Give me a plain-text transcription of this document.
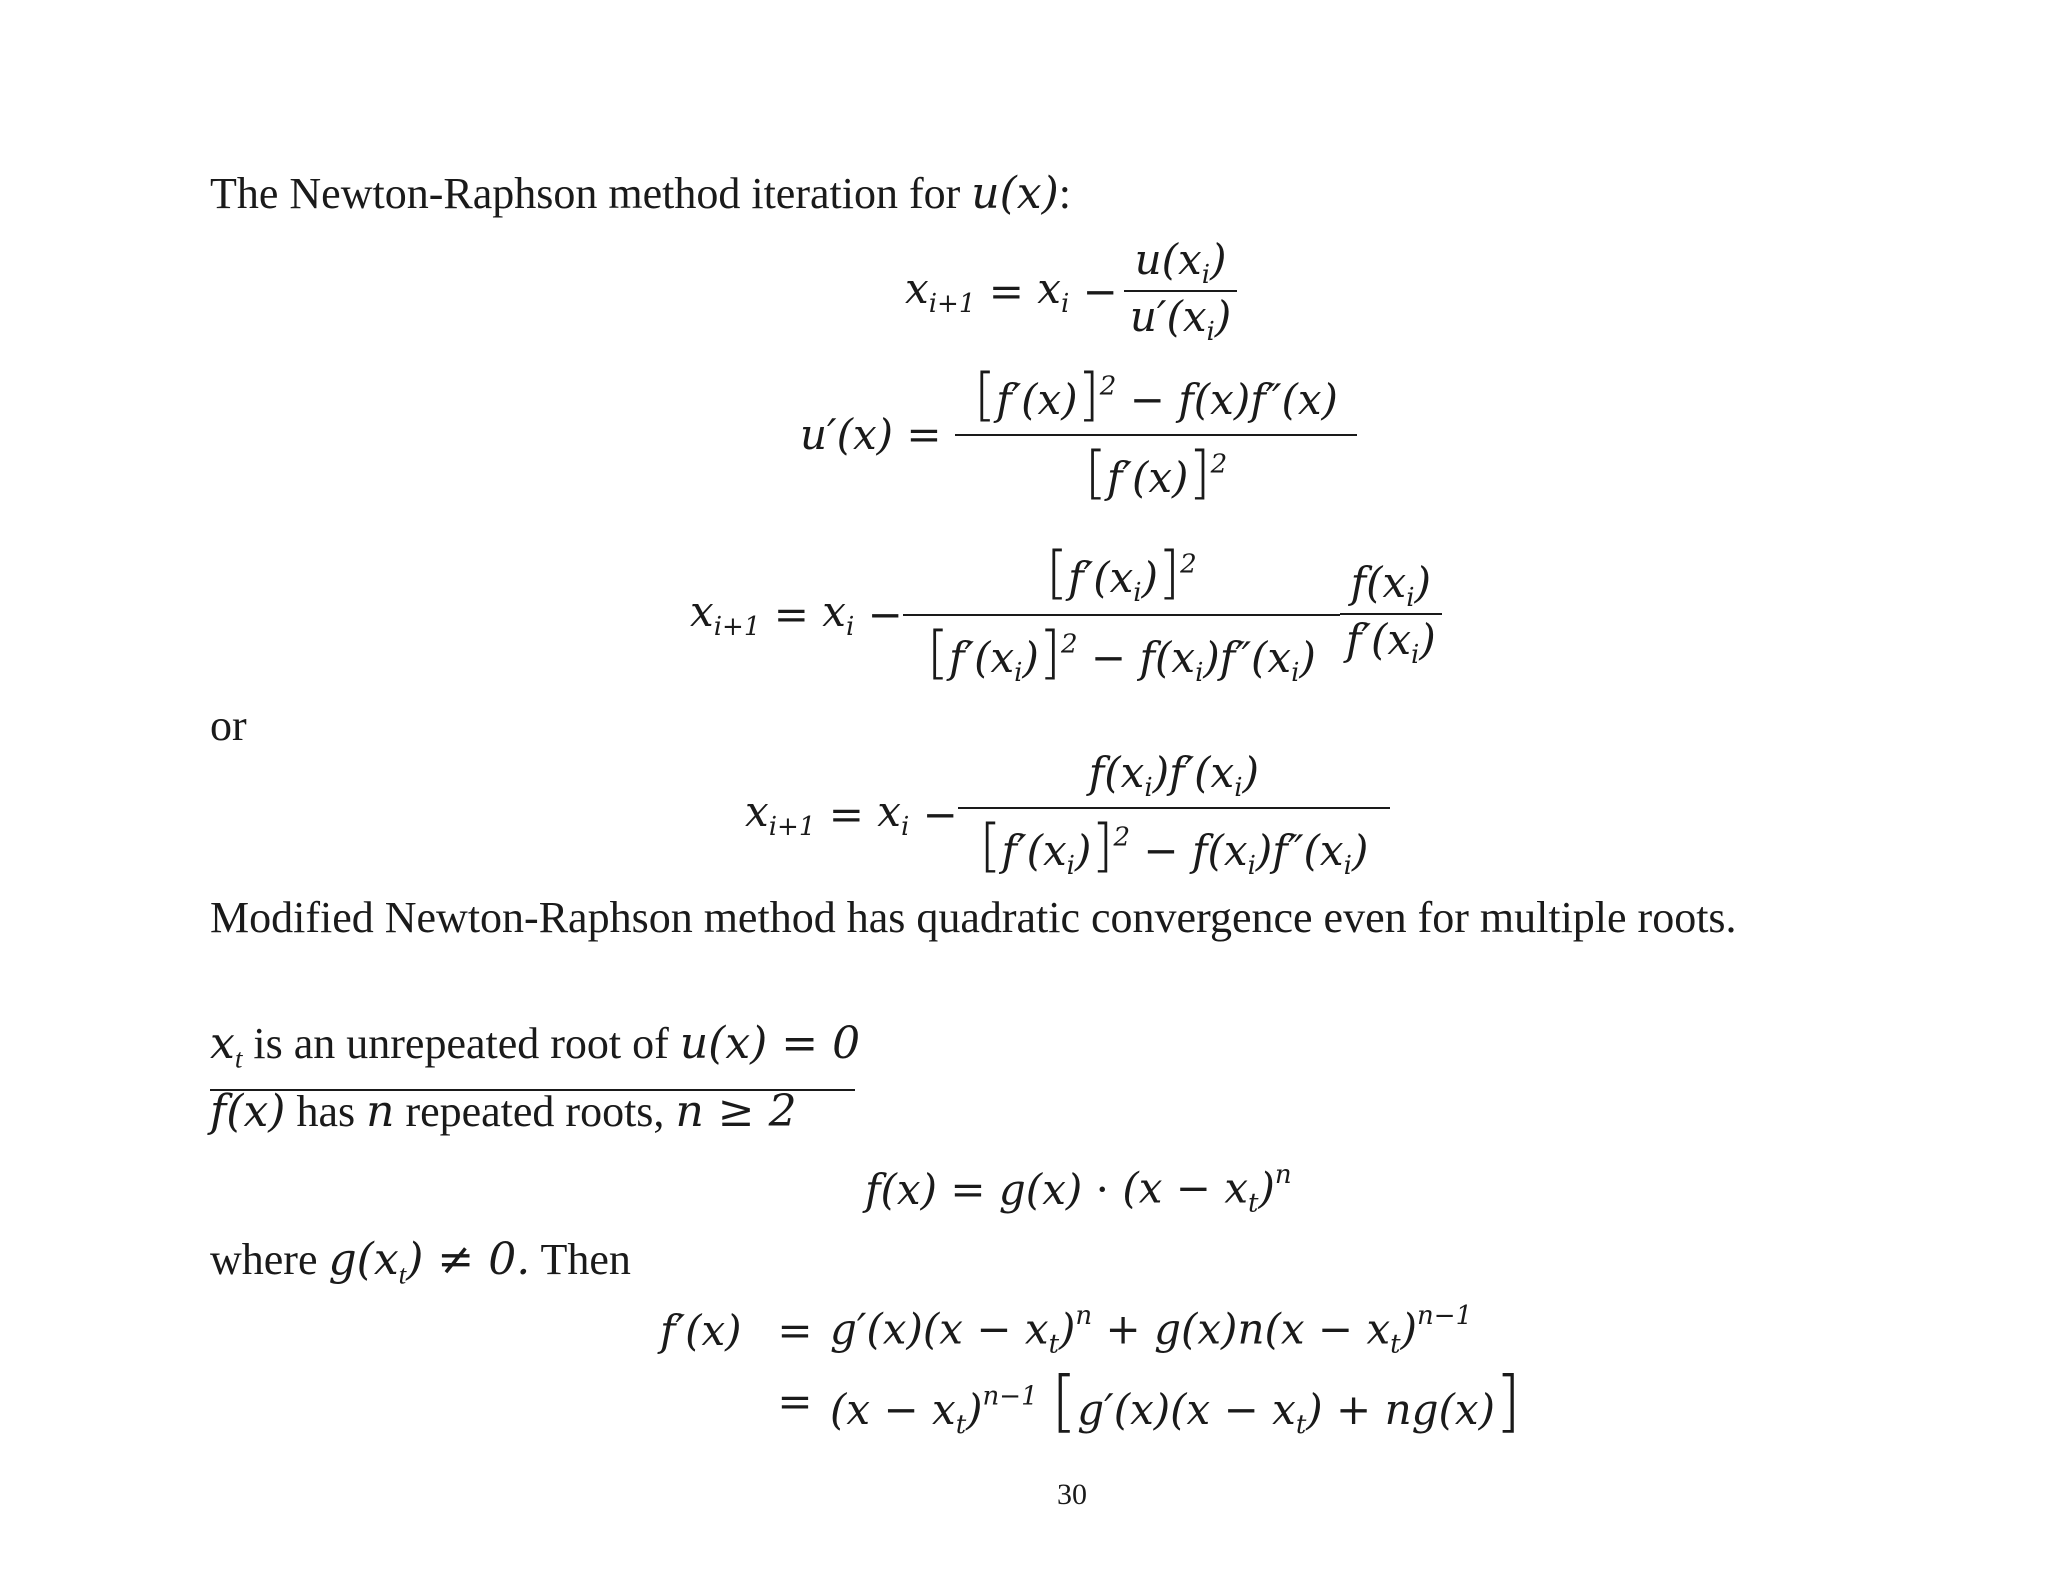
The Newton-Raphson method iteration for u(x):
$x_{i+1} = x_i - \frac{u(x_i)}{u'(x_i)}$
$u'(x) = \frac{[f'(x)]^2 - f(x)f''(x)}{[f'(x)]^2}$
$x_{i+1} = x_i - \frac{[f'(x_i)]^2}{[f'(x_i)]^2 - f(x_i)f''(x_i)} \frac{f(x_i)}{f'(x_i)}$
or
$x_{i+1} = x_i - \frac{f(x_i)f'(x_i)}{[f'(x_i)]^2 - f(x_i)f''(x_i)}$
Modified Newton-Raphson method has quadratic convergence even for multiple roots.
$x_t$ is an unrepeated root of u(x) = 0
f(x) has n repeated roots, n ≥ 2
$f(x) = g(x) \cdot (x - x_t)^n$
where $g(x_t) \ne 0$. Then
$f'(x) = g'(x)(x - x_t)^n + g(x)n(x - x_t)^{n-1}$
= $(x - x_t)^{n-1}$ $[g'(x)(x - x_t) + ng(x)]$
30
